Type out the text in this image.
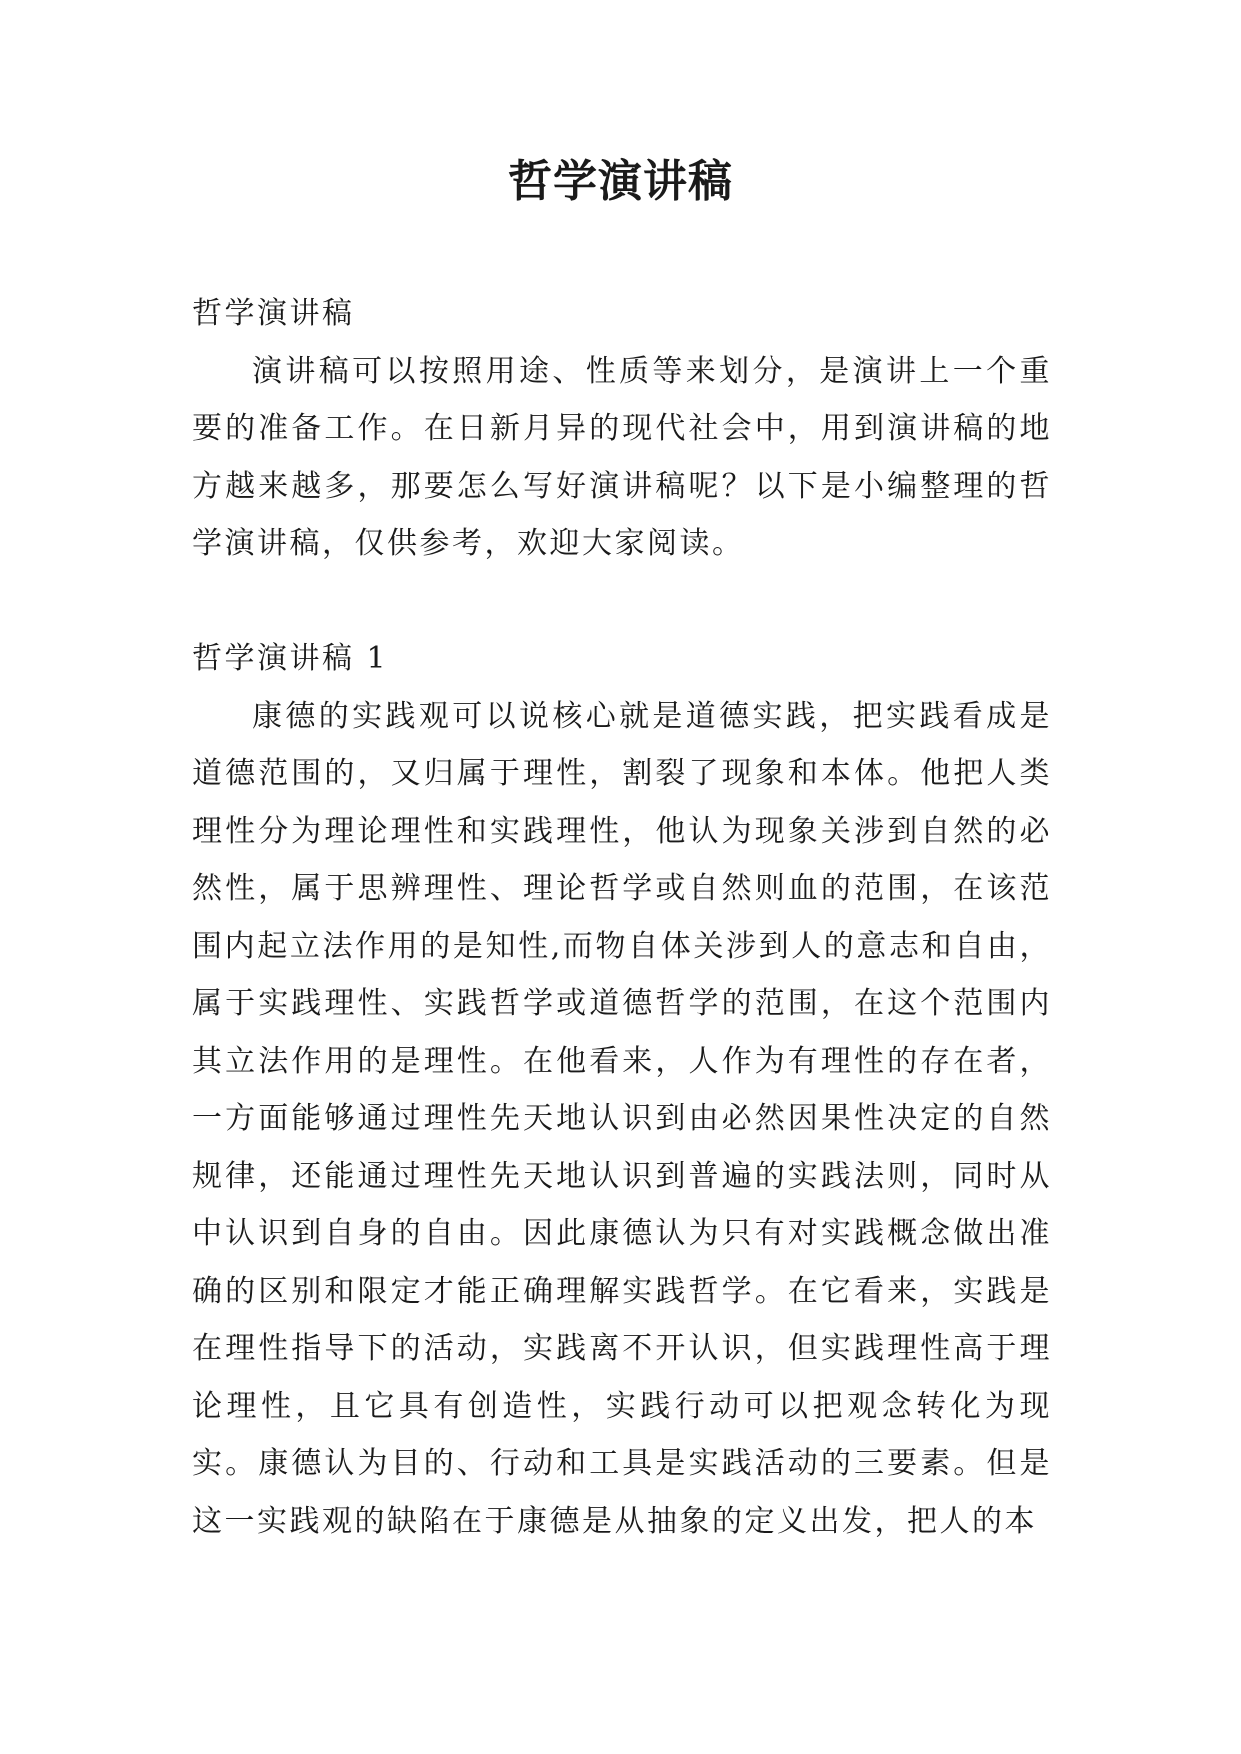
哲学演讲稿

哲学演讲稿

演讲稿可以按照用途、性质等来划分，是演讲上一个重要的准备工作。在日新月异的现代社会中，用到演讲稿的地方越来越多，那要怎么写好演讲稿呢？以下是小编整理的哲学演讲稿，仅供参考，欢迎大家阅读。

哲学演讲稿 1

康德的实践观可以说核心就是道德实践，把实践看成是道德范围的，又归属于理性，割裂了现象和本体。他把人类理性分为理论理性和实践理性，他认为现象关涉到自然的必然性，属于思辨理性、理论哲学或自然则血的范围，在该范围内起立法作用的是知性,而物自体关涉到人的意志和自由，属于实践理性、实践哲学或道德哲学的范围，在这个范围内其立法作用的是理性。在他看来，人作为有理性的存在者，一方面能够通过理性先天地认识到由必然因果性决定的自然规律，还能通过理性先天地认识到普遍的实践法则，同时从中认识到自身的自由。因此康德认为只有对实践概念做出准确的区别和限定才能正确理解实践哲学。在它看来，实践是在理性指导下的活动，实践离不开认识，但实践理性高于理论理性，且它具有创造性，实践行动可以把观念转化为现实。康德认为目的、行动和工具是实践活动的三要素。但是这一实践观的缺陷在于康德是从抽象的定义出发，把人的本
